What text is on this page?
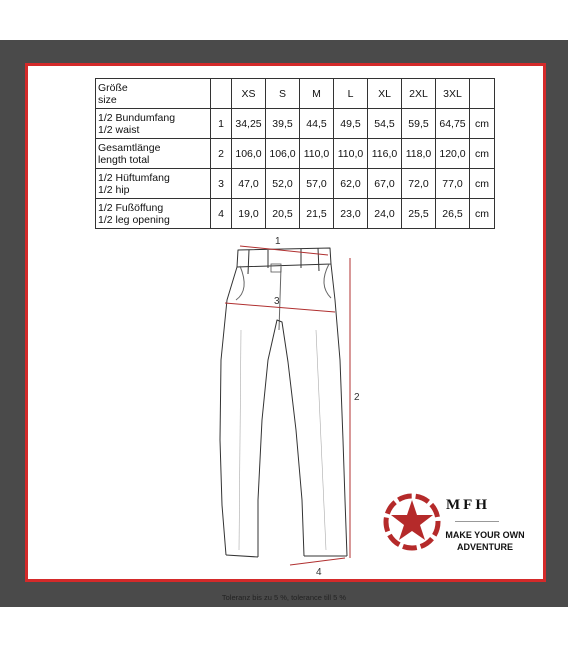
Größe
size		XS	S	M	L	XL	2XL	3XL	

1/2 Bundumfang
1/2 waist	1	34,25	39,5	44,5	49,5	54,5	59,5	64,75	cm

Gesamtlänge
length total	2	106,0	106,0	110,0	110,0	116,0	118,0	120,0	cm

1/2 Hüftumfang
1/2 hip	3	47,0	52,0	57,0	62,0	67,0	72,0	77,0	cm

1/2 Fußöffung
1/2 leg opening	4	19,0	20,5	21,5	23,0	24,0	25,5	26,5	cm
1
2
3
4
MFH
MAKE YOUR OWN
ADVENTURE
Toleranz bis zu 5 %, tolerance till 5 %
